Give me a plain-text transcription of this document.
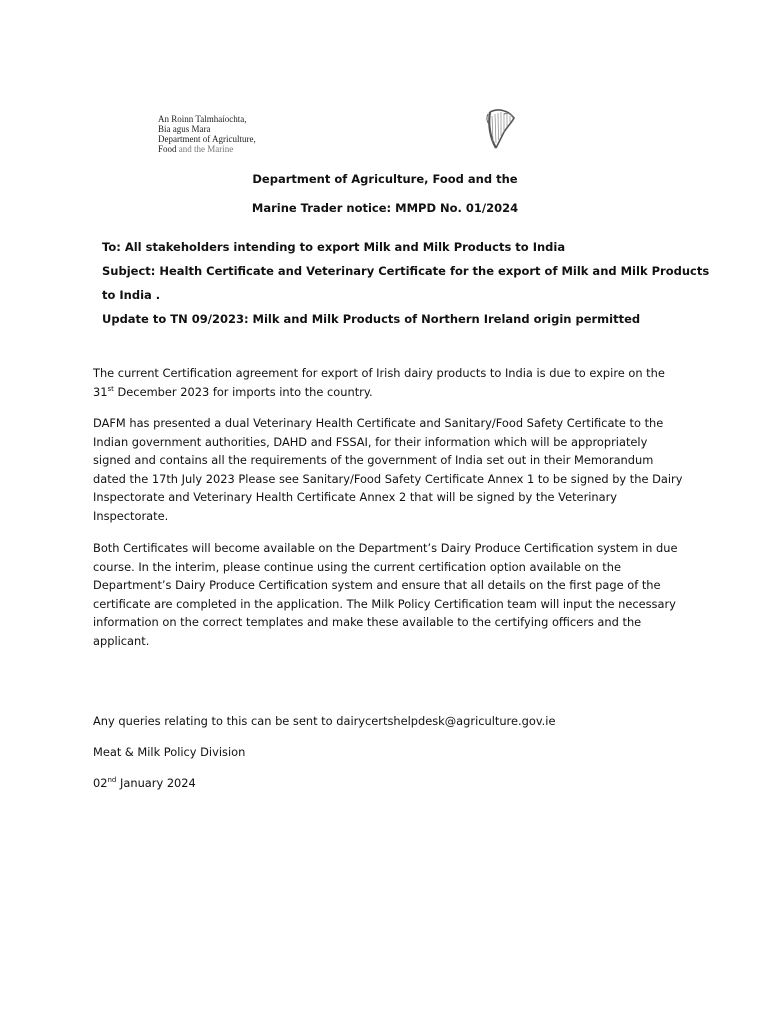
An Roinn Talmhaíochta,
Bia agus Mara
Department of Agriculture,
Food and the Marine
Department of Agriculture, Food and the
Marine Trader notice: MMPD No. 01/2024
To: All stakeholders intending to export Milk and Milk Products to India
Subject: Health Certificate and Veterinary Certificate for the export of Milk and Milk Products
to India .
Update to TN 09/2023: Milk and Milk Products of Northern Ireland origin permitted
The current Certification agreement for export of Irish dairy products to India is due to expire on the 31st December 2023 for imports into the country.
DAFM has presented a dual Veterinary Health Certificate and Sanitary/Food Safety Certificate to the Indian government authorities, DAHD and FSSAI, for their information which will be appropriately signed and contains all the requirements of the government of India set out in their Memorandum dated the 17th July 2023 Please see Sanitary/Food Safety Certificate Annex 1 to be signed by the Dairy Inspectorate and Veterinary Health Certificate Annex 2 that will be signed by the Veterinary Inspectorate.
Both Certificates will become available on the Department’s Dairy Produce Certification system in due course. In the interim, please continue using the current certification option available on the Department’s Dairy Produce Certification system and ensure that all details on the first page of the certificate are completed in the application. The Milk Policy Certification team will input the necessary information on the correct templates and make these available to the certifying officers and the applicant.
Any queries relating to this can be sent to dairycertshelpdesk@agriculture.gov.ie
Meat & Milk Policy Division
02nd January 2024
